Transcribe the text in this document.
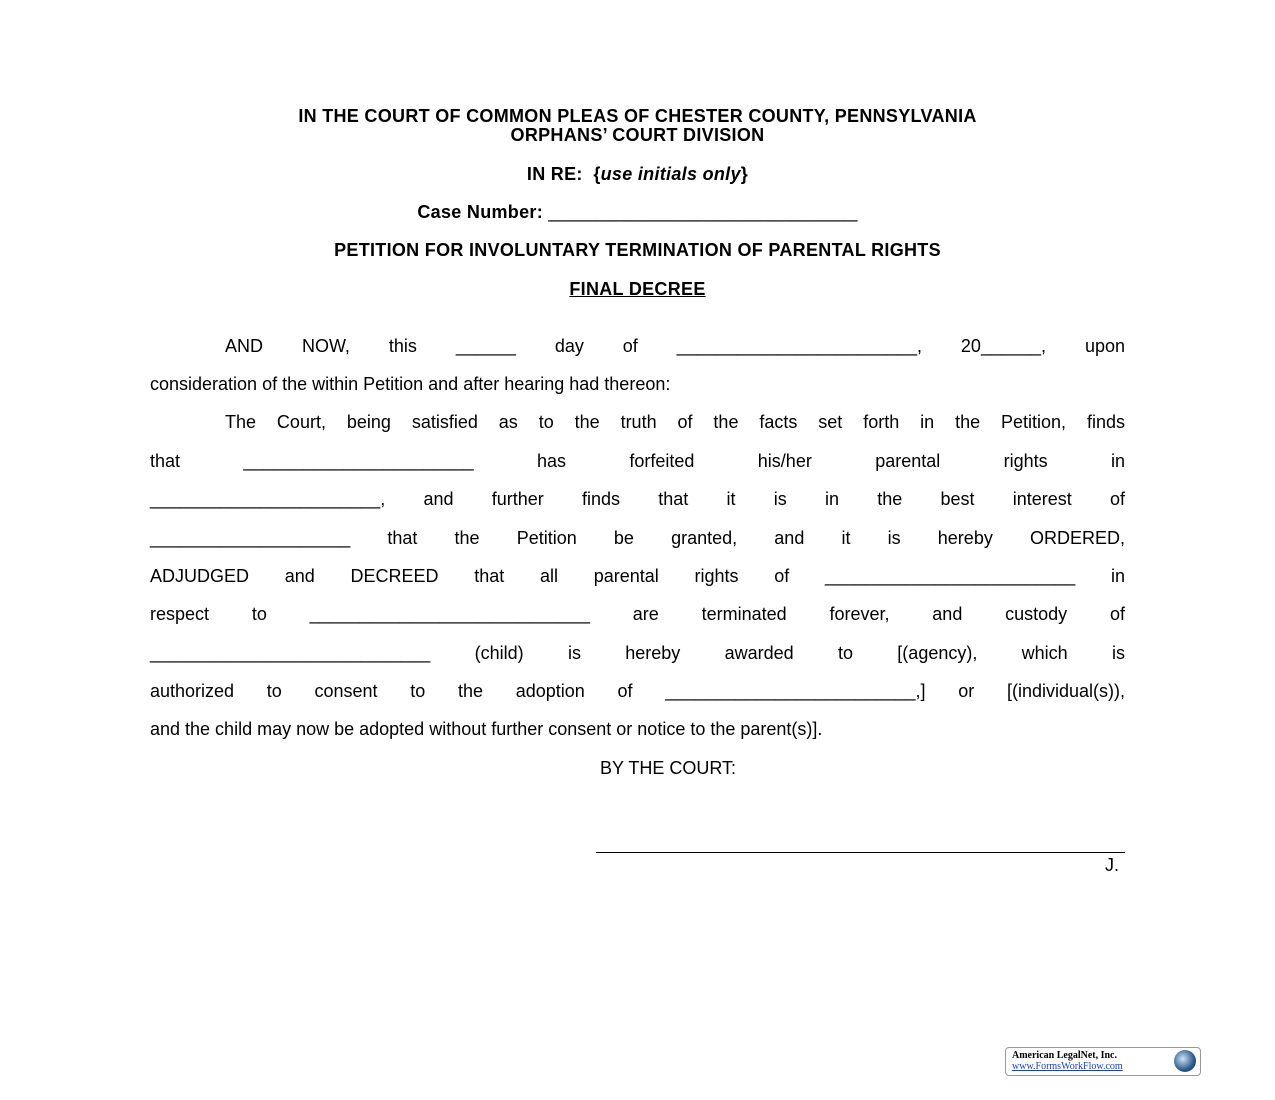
IN THE COURT OF COMMON PLEAS OF CHESTER COUNTY, PENNSYLVANIA
ORPHANS’ COURT DIVISION
IN RE: {use initials only}
Case Number: ______________________________
PETITION FOR INVOLUNTARY TERMINATION OF PARENTAL RIGHTS
FINAL DECREE
AND NOW, this ______ day of ________________________, 20______, upon
consideration of the within Petition and after hearing had thereon:
The Court, being satisfied as to the truth of the facts set forth in the Petition, finds
that _______________________ has forfeited his/her parental rights in
_______________________, and further finds that it is in the best interest of
____________________ that the Petition be granted, and it is hereby ORDERED,
ADJUDGED and DECREED that all parental rights of _________________________ in
respect to ____________________________ are terminated forever, and custody of
____________________________ (child) is hereby awarded to [(agency), which is
authorized to consent to the adoption of _________________________,] or [(individual(s)),
and the child may now be adopted without further consent or notice to the parent(s)].
BY THE COURT:
J.
American LegalNet, Inc.
www.FormsWorkFlow.com
